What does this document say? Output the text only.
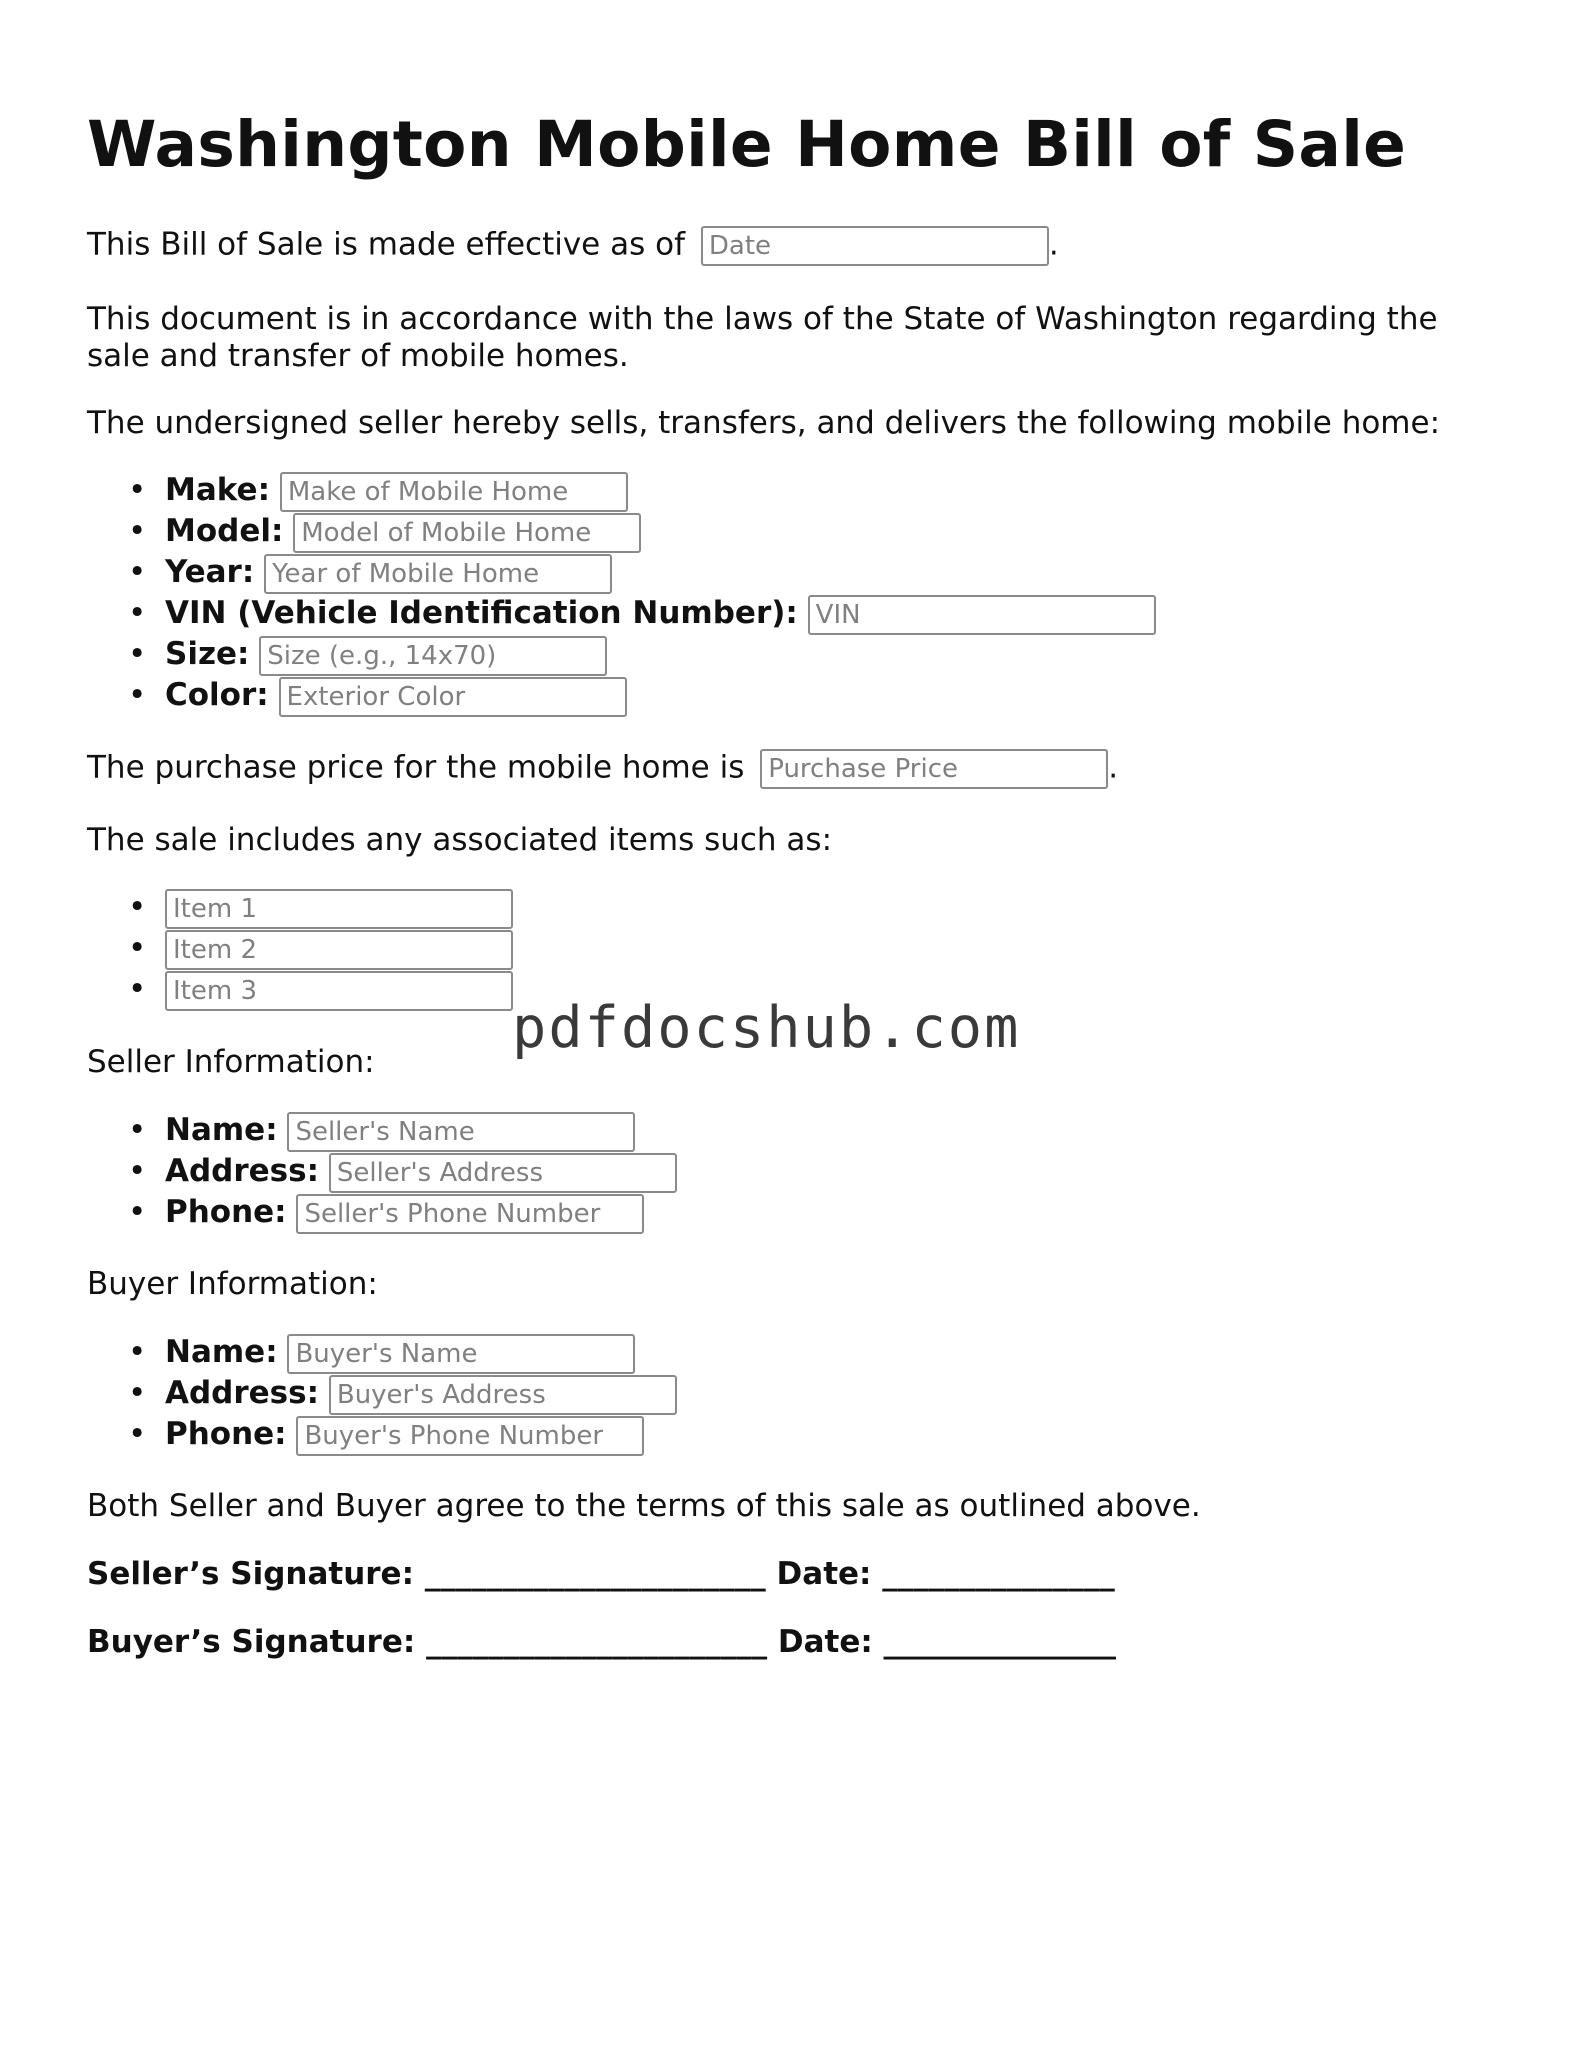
Washington Mobile Home Bill of Sale
This Bill of Sale is made effective as of Date	.
This document is in accordance with the laws of the State of Washington regarding the sale and transfer of mobile homes.
The undersigned seller hereby sells, transfers, and delivers the following mobile home:
• Make: Make of Mobile Home
• Model: Model of Mobile Home
• Year: Year of Mobile Home
• VIN (Vehicle Identification Number): VIN
• Size: Size (e.g., 14x70)
• Color: Exterior Color
The purchase price for the mobile home is Purchase Price	.
The sale includes any associated items such as:
• Item 1
• Item 2
• Item 3
Seller Information:
• Name: Seller's Name
• Address: Seller's Address
• Phone: Seller's Phone Number
Buyer Information:
• Name: Buyer's Name
• Address: Buyer's Address
• Phone: Buyer's Phone Number
Both Seller and Buyer agree to the terms of this sale as outlined above.
Seller’s Signature: ______________________ Date: _______________
Buyer’s Signature: ______________________ Date: _______________
pdfdocshub.com
